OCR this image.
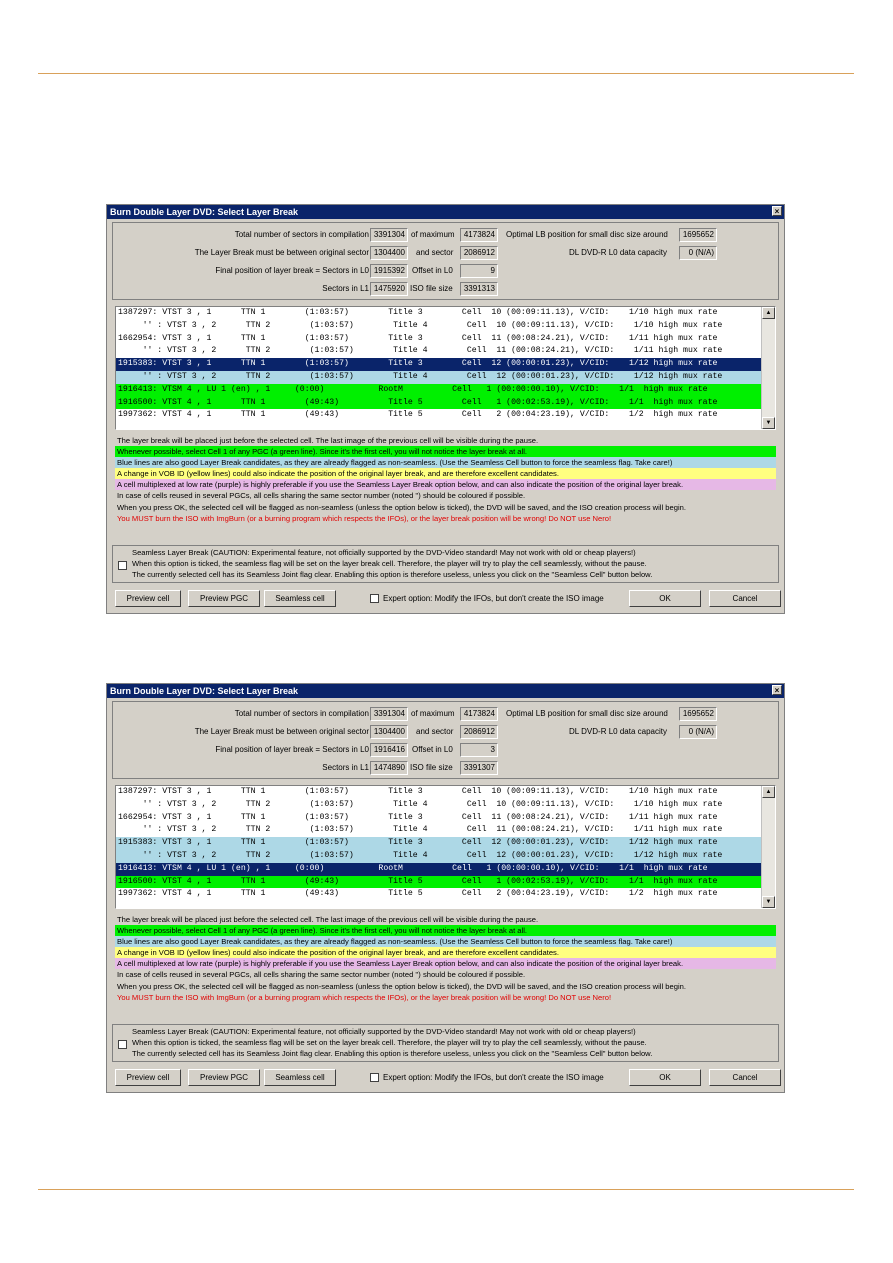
Burn Double Layer DVD: Select Layer Break	×
Total number of sectors in compilation 3391304 of maximum	4173824	Optimal LB position for small disc size around	1695652
The Layer Break must be between original sector 1304400	and sector	2086912	DL DVD-R L0 data capacity	0 (N/A)
Final position of layer break = Sectors in L0 1915392 Offset in L0	9
Sectors in L1 1475920 ISO file size	3391313
1387297: VTST 3 , 1      TTN 1        (1:03:57)        Title 3        Cell  10 (00:09:11.13), V/CID:    1/10 high mux rate
'' : VTST 3 , 2      TTN 2        (1:03:57)        Title 4        Cell  10 (00:09:11.13), V/CID:    1/10 high mux rate
1662954: VTST 3 , 1      TTN 1        (1:03:57)        Title 3        Cell  11 (00:08:24.21), V/CID:    1/11 high mux rate
'' : VTST 3 , 2      TTN 2        (1:03:57)        Title 4        Cell  11 (00:08:24.21), V/CID:    1/11 high mux rate
1915383: VTST 3 , 1      TTN 1        (1:03:57)        Title 3        Cell  12 (00:00:01.23), V/CID:    1/12 high mux rate
'' : VTST 3 , 2      TTN 2        (1:03:57)        Title 4        Cell  12 (00:00:01.23), V/CID:    1/12 high mux rate
1916413: VTSM 4 , LU 1 (en) , 1     (0:00)           RootM          Cell   1 (00:00:00.10), V/CID:    1/1  high mux rate
1916500: VTST 4 , 1      TTN 1        (49:43)          Title 5        Cell   1 (00:02:53.19), V/CID:    1/1  high mux rate
1997362: VTST 4 , 1      TTN 1        (49:43)          Title 5        Cell   2 (00:04:23.19), V/CID:    1/2  high mux rate
▲
▼
The layer break will be placed just before the selected cell. The last image of the previous cell will be visible during the pause.
Whenever possible, select Cell 1 of any PGC (a green line). Since it's the first cell, you will not notice the layer break at all.
Blue lines are also good Layer Break candidates, as they are already flagged as non-seamless. (Use the Seamless Cell button to force the seamless flag. Take care!)
A change in VOB ID (yellow lines) could also indicate the position of the original layer break, and are therefore excellent candidates.
A cell multiplexed at low rate (purple) is highly preferable if you use the Seamless Layer Break option below, and can also indicate the position of the original layer break.
In case of cells reused in several PGCs, all cells sharing the same sector number (noted '') should be coloured if possible.
When you press OK, the selected cell will be flagged as non-seamless (unless the option below is ticked), the DVD will be saved, and the ISO creation process will begin.
You MUST burn the ISO with ImgBurn (or a burning program which respects the IFOs), or the layer break position will be wrong! Do NOT use Nero!
Seamless Layer Break (CAUTION: Experimental feature, not officially supported by the DVD-Video standard! May not work with old or cheap players!)
When this option is ticked, the seamless flag will be set on the layer break cell. Therefore, the player will try to play the cell seamlessly, without the pause.
The currently selected cell has its Seamless Joint flag clear. Enabling this option is therefore useless, unless you click on the "Seamless Cell" button below.
Preview cell	Preview PGC	Seamless cell	Expert option: Modify the IFOs, but don't create the ISO image	OK	Cancel
Burn Double Layer DVD: Select Layer Break	×
Total number of sectors in compilation 3391304 of maximum	4173824	Optimal LB position for small disc size around	1695652
The Layer Break must be between original sector 1304400	and sector	2086912	DL DVD-R L0 data capacity	0 (N/A)
Final position of layer break = Sectors in L0 1916416 Offset in L0	3
Sectors in L1 1474890 ISO file size	3391307
1387297: VTST 3 , 1      TTN 1        (1:03:57)        Title 3        Cell  10 (00:09:11.13), V/CID:    1/10 high mux rate
'' : VTST 3 , 2      TTN 2        (1:03:57)        Title 4        Cell  10 (00:09:11.13), V/CID:    1/10 high mux rate
1662954: VTST 3 , 1      TTN 1        (1:03:57)        Title 3        Cell  11 (00:08:24.21), V/CID:    1/11 high mux rate
'' : VTST 3 , 2      TTN 2        (1:03:57)        Title 4        Cell  11 (00:08:24.21), V/CID:    1/11 high mux rate
1915383: VTST 3 , 1      TTN 1        (1:03:57)        Title 3        Cell  12 (00:00:01.23), V/CID:    1/12 high mux rate
'' : VTST 3 , 2      TTN 2        (1:03:57)        Title 4        Cell  12 (00:00:01.23), V/CID:    1/12 high mux rate
1916413: VTSM 4 , LU 1 (en) , 1     (0:00)           RootM          Cell   1 (00:00:00.10), V/CID:    1/1  high mux rate
1916500: VTST 4 , 1      TTN 1        (49:43)          Title 5        Cell   1 (00:02:53.19), V/CID:    1/1  high mux rate
1997362: VTST 4 , 1      TTN 1        (49:43)          Title 5        Cell   2 (00:04:23.19), V/CID:    1/2  high mux rate
▲
▼
The layer break will be placed just before the selected cell. The last image of the previous cell will be visible during the pause.
Whenever possible, select Cell 1 of any PGC (a green line). Since it's the first cell, you will not notice the layer break at all.
Blue lines are also good Layer Break candidates, as they are already flagged as non-seamless. (Use the Seamless Cell button to force the seamless flag. Take care!)
A change in VOB ID (yellow lines) could also indicate the position of the original layer break, and are therefore excellent candidates.
A cell multiplexed at low rate (purple) is highly preferable if you use the Seamless Layer Break option below, and can also indicate the position of the original layer break.
In case of cells reused in several PGCs, all cells sharing the same sector number (noted '') should be coloured if possible.
When you press OK, the selected cell will be flagged as non-seamless (unless the option below is ticked), the DVD will be saved, and the ISO creation process will begin.
You MUST burn the ISO with ImgBurn (or a burning program which respects the IFOs), or the layer break position will be wrong! Do NOT use Nero!
Seamless Layer Break (CAUTION: Experimental feature, not officially supported by the DVD-Video standard! May not work with old or cheap players!)
When this option is ticked, the seamless flag will be set on the layer break cell. Therefore, the player will try to play the cell seamlessly, without the pause.
The currently selected cell has its Seamless Joint flag clear. Enabling this option is therefore useless, unless you click on the "Seamless Cell" button below.
Preview cell	Preview PGC	Seamless cell	Expert option: Modify the IFOs, but don't create the ISO image	OK	Cancel
